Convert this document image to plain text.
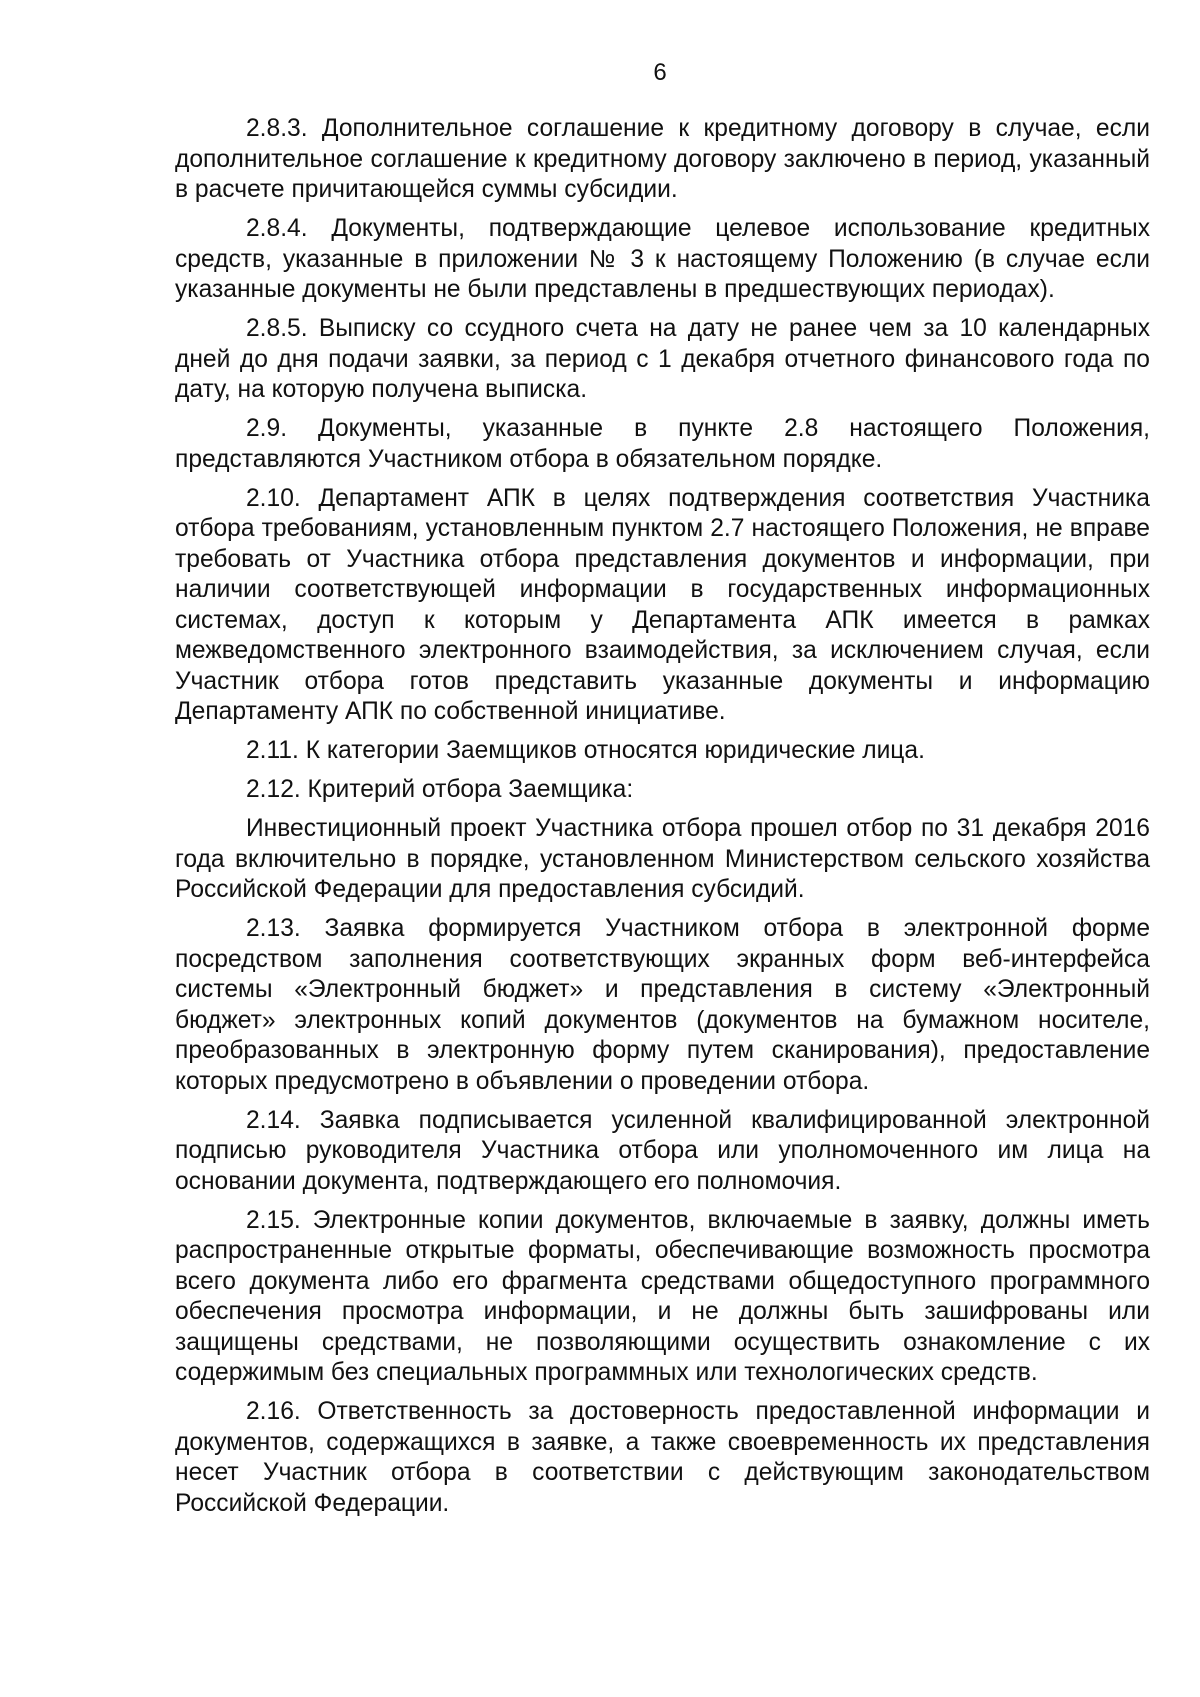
6

2.8.3. Дополнительное соглашение к кредитному договору в случае, если дополнительное соглашение к кредитному договору заключено в период, указанный в расчете причитающейся суммы субсидии.

2.8.4. Документы, подтверждающие целевое использование кредитных средств, указанные в приложении № 3 к настоящему Положению (в случае если указанные документы не были представлены в предшествующих периодах).

2.8.5. Выписку со ссудного счета на дату не ранее чем за 10 календарных дней до дня подачи заявки, за период с 1 декабря отчетного финансового года по дату, на которую получена выписка.

2.9. Документы, указанные в пункте 2.8 настоящего Положения, представляются Участником отбора в обязательном порядке.

2.10. Департамент АПК в целях подтверждения соответствия Участника отбора требованиям, установленным пунктом 2.7 настоящего Положения, не вправе требовать от Участника отбора представления документов и информации, при наличии соответствующей информации в государственных информационных системах, доступ к которым у Департамента АПК имеется в рамках межведомственного электронного взаимодействия, за исключением случая, если Участник отбора готов представить указанные документы и информацию Департаменту АПК по собственной инициативе.

2.11. К категории Заемщиков относятся юридические лица.

2.12. Критерий отбора Заемщика:

Инвестиционный проект Участника отбора прошел отбор по 31 декабря 2016 года включительно в порядке, установленном Министерством сельского хозяйства Российской Федерации для предоставления субсидий.

2.13. Заявка формируется Участником отбора в электронной форме посредством заполнения соответствующих экранных форм веб-интерфейса системы «Электронный бюджет» и представления в систему «Электронный бюджет» электронных копий документов (документов на бумажном носителе, преобразованных в электронную форму путем сканирования), предоставление которых предусмотрено в объявлении о проведении отбора.

2.14. Заявка подписывается усиленной квалифицированной электронной подписью руководителя Участника отбора или уполномоченного им лица на основании документа, подтверждающего его полномочия.

2.15. Электронные копии документов, включаемые в заявку, должны иметь распространенные открытые форматы, обеспечивающие возможность просмотра всего документа либо его фрагмента средствами общедоступного программного обеспечения просмотра информации, и не должны быть зашифрованы или защищены средствами, не позволяющими осуществить ознакомление с их содержимым без специальных программных или технологических средств.

2.16. Ответственность за достоверность предоставленной информации и документов, содержащихся в заявке, а также своевременность их представления несет Участник отбора в соответствии с действующим законодательством Российской Федерации.
